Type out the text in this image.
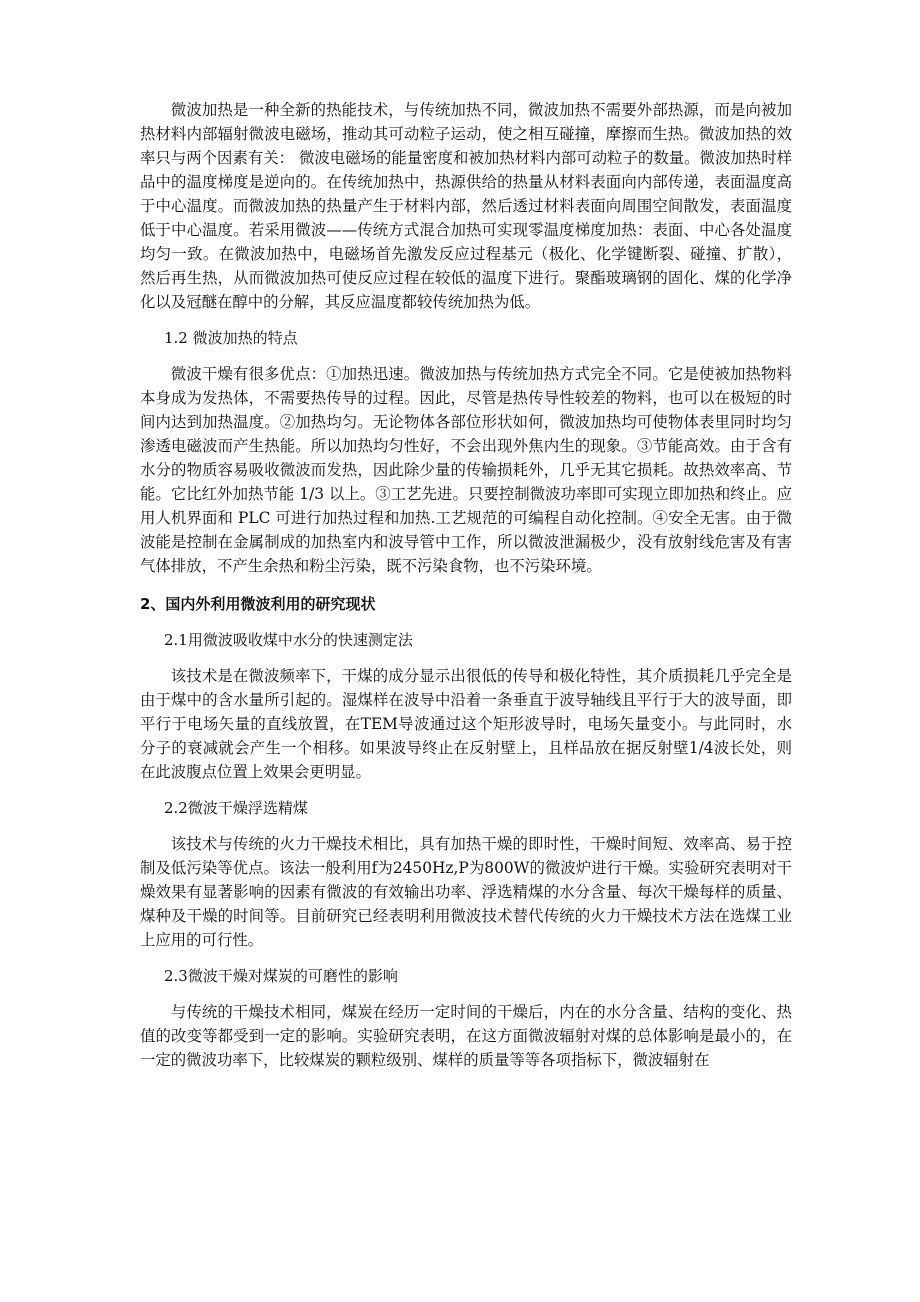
微波加热是一种全新的热能技术，与传统加热不同，微波加热不需要外部热源，而是向被加热材料内部辐射微波电磁场，推动其可动粒子运动，使之相互碰撞，摩擦而生热。微波加热的效率只与两个因素有关： 微波电磁场的能量密度和被加热材料内部可动粒子的数量。微波加热时样品中的温度梯度是逆向的。在传统加热中，热源供给的热量从材料表面向内部传递，表面温度高于中心温度。而微波加热的热量产生于材料内部，然后透过材料表面向周围空间散发，表面温度低于中心温度。若采用微波——传统方式混合加热可实现零温度梯度加热：表面、中心各处温度均匀一致。在微波加热中，电磁场首先激发反应过程基元（极化、化学键断裂、碰撞、扩散），然后再生热，从而微波加热可使反应过程在较低的温度下进行。聚酯玻璃钢的固化、煤的化学净化以及冠醚在醇中的分解，其反应温度都较传统加热为低。

1.2 微波加热的特点

微波干燥有很多优点：①加热迅速。微波加热与传统加热方式完全不同。它是使被加热物料本身成为发热体，不需要热传导的过程。因此，尽管是热传导性较差的物料，也可以在极短的时间内达到加热温度。②加热均匀。无论物体各部位形状如何，微波加热均可使物体表里同时均匀渗透电磁波而产生热能。所以加热均匀性好，不会出现外焦内生的现象。③节能高效。由于含有水分的物质容易吸收微波而发热，因此除少量的传输损耗外，几乎无其它损耗。故热效率高、节能。它比红外加热节能 1/3 以上。③工艺先进。只要控制微波功率即可实现立即加热和终止。应用人机界面和 PLC 可进行加热过程和加热.工艺规范的可编程自动化控制。④安全无害。由于微波能是控制在金属制成的加热室内和波导管中工作，所以微波泄漏极少，没有放射线危害及有害气体排放，不产生余热和粉尘污染，既不污染食物，也不污染环境。

2、国内外利用微波利用的研究现状

2.1用微波吸收煤中水分的快速测定法

该技术是在微波频率下，干煤的成分显示出很低的传导和极化特性，其介质损耗几乎完全是由于煤中的含水量所引起的。湿煤样在波导中沿着一条垂直于波导轴线且平行于大的波导面，即平行于电场矢量的直线放置，在TEM导波通过这个矩形波导时，电场矢量变小。与此同时，水分子的衰减就会产生一个相移。如果波导终止在反射壁上，且样品放在据反射壁1/4波长处，则在此波腹点位置上效果会更明显。

2.2微波干燥浮选精煤

该技术与传统的火力干燥技术相比，具有加热干燥的即时性，干燥时间短、效率高、易于控制及低污染等优点。该法一般利用f为2450Hz,P为800W的微波炉进行干燥。实验研究表明对干燥效果有显著影响的因素有微波的有效输出功率、浮选精煤的水分含量、每次干燥每样的质量、煤种及干燥的时间等。目前研究已经表明利用微波技术替代传统的火力干燥技术方法在选煤工业上应用的可行性。

2.3微波干燥对煤炭的可磨性的影响

与传统的干燥技术相同，煤炭在经历一定时间的干燥后，内在的水分含量、结构的变化、热值的改变等都受到一定的影响。实验研究表明，在这方面微波辐射对煤的总体影响是最小的，在一定的微波功率下，比较煤炭的颗粒级别、煤样的质量等等各项指标下，微波辐射在
